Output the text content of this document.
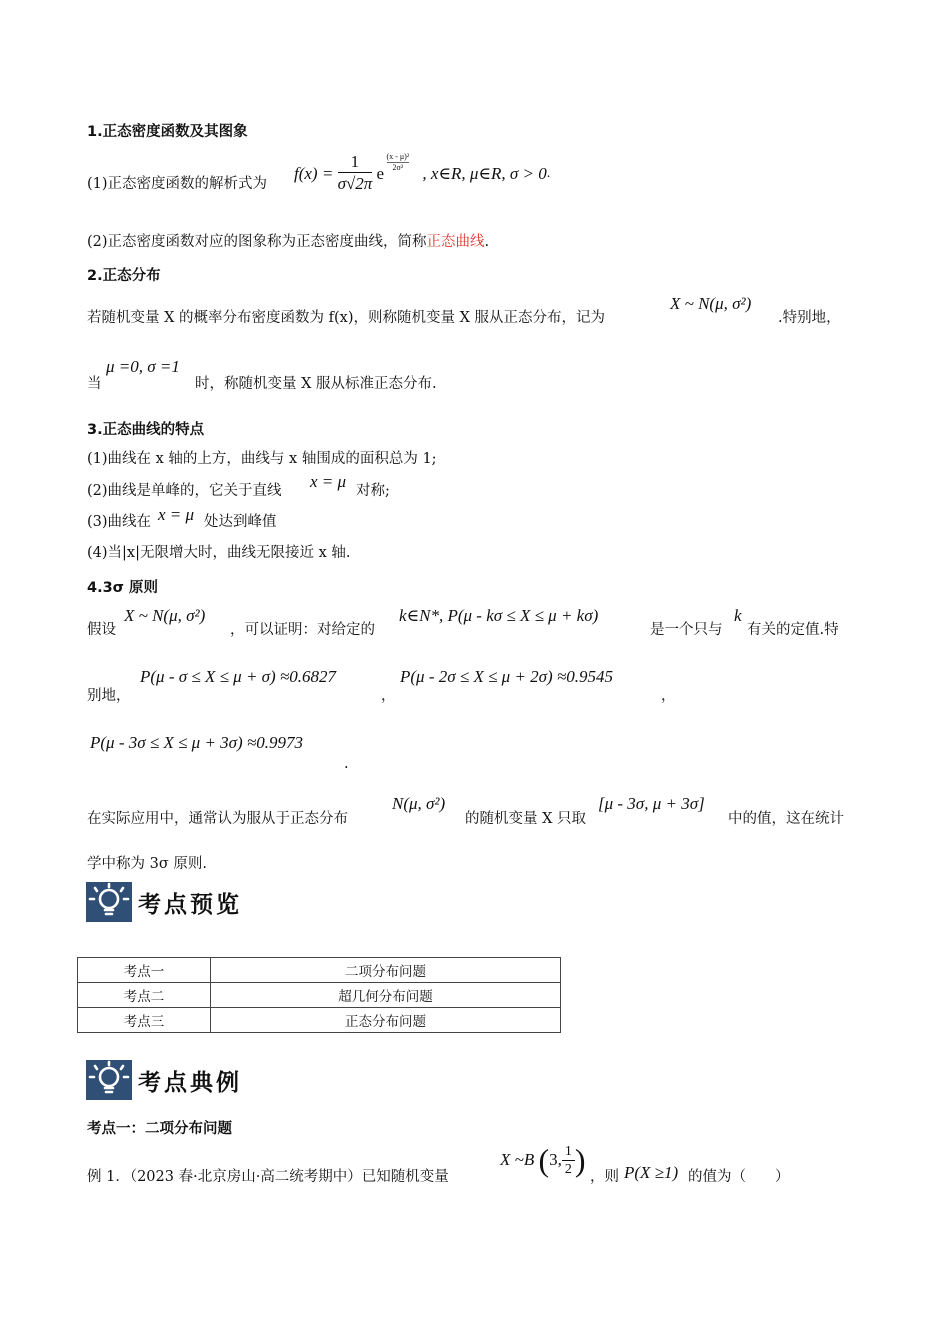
1.正态密度函数及其图象
(1)正态密度函数的解析式为
$f(x) = \frac{1}{\sigma√2\pi}$ e
$\frac{\text{(x - μ)²}}{\text{2σ²}}$
, x∈R, μ∈R, σ > 0.
(2)正态密度函数对应的图象称为正态密度曲线，简称正态曲线.
2.正态分布
若随机变量 X 的概率分布密度函数为 f(x)，则称随机变量 X 服从正态分布，记为
X ~ N(μ, σ²)
.特别地，
当
μ =0, σ =1
时，称随机变量 X 服从标准正态分布.
3.正态曲线的特点
(1)曲线在 x 轴的上方，曲线与 x 轴围成的面积总为 1;
(2)曲线是单峰的，它关于直线 x = μ 对称;
(3)曲线在 x = μ 处达到峰值
(4)当|x|无限增大时，曲线无限接近 x 轴.
4.3σ 原则
假设
X ~ N(μ, σ²)
，可以证明：对给定的
k∈N*, P(μ - kσ ≤ X ≤ μ + kσ)
是一个只与
k
有关的定值.特
别地，
P(μ - σ ≤ X ≤ μ + σ) ≈0.6827
，
P(μ - 2σ ≤ X ≤ μ + 2σ) ≈0.9545
，
P(μ - 3σ ≤ X ≤ μ + 3σ) ≈0.9973
.
在实际应用中，通常认为服从于正态分布
N(μ, σ²)
的随机变量 X 只取
[μ - 3σ, μ + 3σ]
中的值，这在统计
学中称为 3σ 原则.
考点预览
考点一	二项分布问题
考点二	超几何分布问题
考点三	正态分布问题
考点典例
考点一：二项分布问题
例 1．（2023 春·北京房山·高二统考期中）已知随机变量
X ~B (3, $\frac{1}{2}$ ) ，则 P(X ≥1) 的值为（　　）
